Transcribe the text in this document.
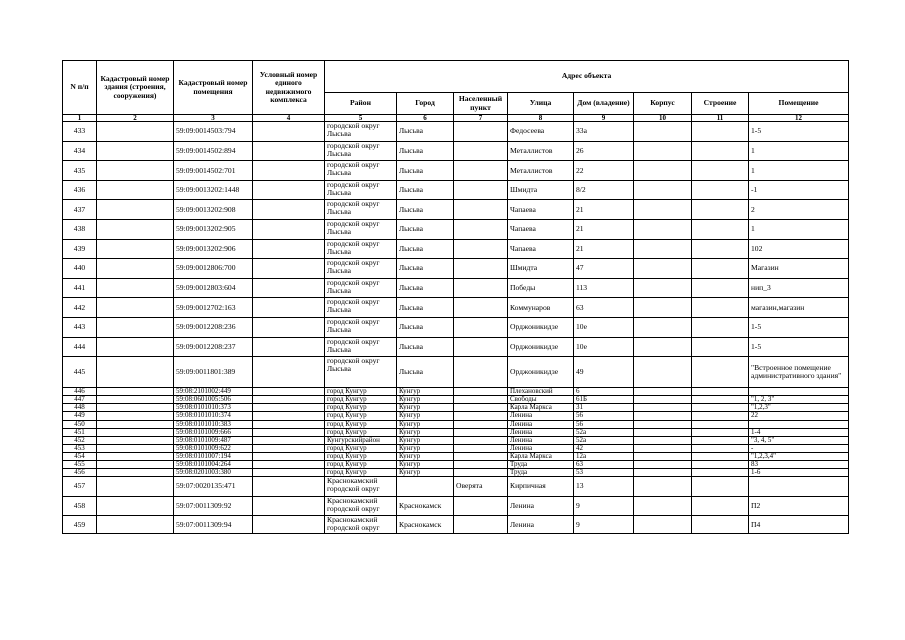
N п/п	Кадастровый номер здания (строения, сооружения)	Кадастровый номер помещения	Условный номер единого недвижимого комплекса	Адрес объекта							
				Район	Город	Населенный пункт	Улица	Дом (владение)	Корпус	Строение	Помещение
1	2	3	4	5	6	7	8	9	10	11	12
433		59:09:0014503:794		городской округ Лысьва	Лысьва		Федосеева	33а			1-5
434		59:09:0014502:894		городской округ Лысьва	Лысьва		Металлистов	26			1
435		59:09:0014502:701		городской округ Лысьва	Лысьва		Металлистов	22			1
436		59:09:0013202:1448		городской округ Лысьва	Лысьва		Шмидта	8/2			-1
437		59:09:0013202:908		городской округ Лысьва	Лысьва		Чапаева	21			2
438		59:09:0013202:905		городской округ Лысьва	Лысьва		Чапаева	21			1
439		59:09:0013202:906		городской округ Лысьва	Лысьва		Чапаева	21			102
440		59:09:0012806:700		городской округ Лысьва	Лысьва		Шмидта	47			Магазин
441		59:09:0012803:604		городской округ Лысьва	Лысьва		Победы	113			нип_3
442		59:09:0012702:163		городской округ Лысьва	Лысьва		Коммунаров	63			магазин,магазин
443		59:09:0012208:236		городской округ Лысьва	Лысьва		Орджоникидзе	10е			1-5
444		59:09:0012208:237		городской округ Лысьва	Лысьва		Орджоникидзе	10е			1-5
445		59:09:0011801:389		городской округ Лысьва	Лысьва		Орджоникидзе	49			"Встроенное помещение административного здания"
446		59:08:2101002:449		город Кунгур	Кунгур		Плехановский	6			
447		59:08:0601005:506		город Кунгур	Кунгур		Свободы	61Б			"1, 2, 3"
448		59:08:0101010:373		город Кунгур	Кунгур		Карла Маркса	31			"1,2,3"
449		59:08:0101010:374		город Кунгур	Кунгур		Ленина	56			22
450		59:08:0101010:383		город Кунгур	Кунгур		Ленина	56			
451		59:08:0101009:666		город Кунгур	Кунгур		Ленина	52а			1-4
452		59:08:0101009:487		Кунгурскийрайон	Кунгур		Ленина	52а			"3, 4, 5"
453		59:08:0101009:622		город Кунгур	Кунгур		Ленина	42			-
454		59:08:0101007:194		город Кунгур	Кунгур		Карла Маркса	12а			"1,2,3,4"
455		59:08:0101004:264		город Кунгур	Кунгур		Труда	63			83
456		59:08:0201003:380		город Кунгур	Кунгур		Труда	53			1-6
457		59:07:0020135:471		Краснокамский городской округ		Оверята	Кирпичная	13			
458		59:07:0011309:92		Краснокамский городской округ	Краснокамск		Ленина	9			П2
459		59:07:0011309:94		Краснокамский городской округ	Краснокамск		Ленина	9			П4
